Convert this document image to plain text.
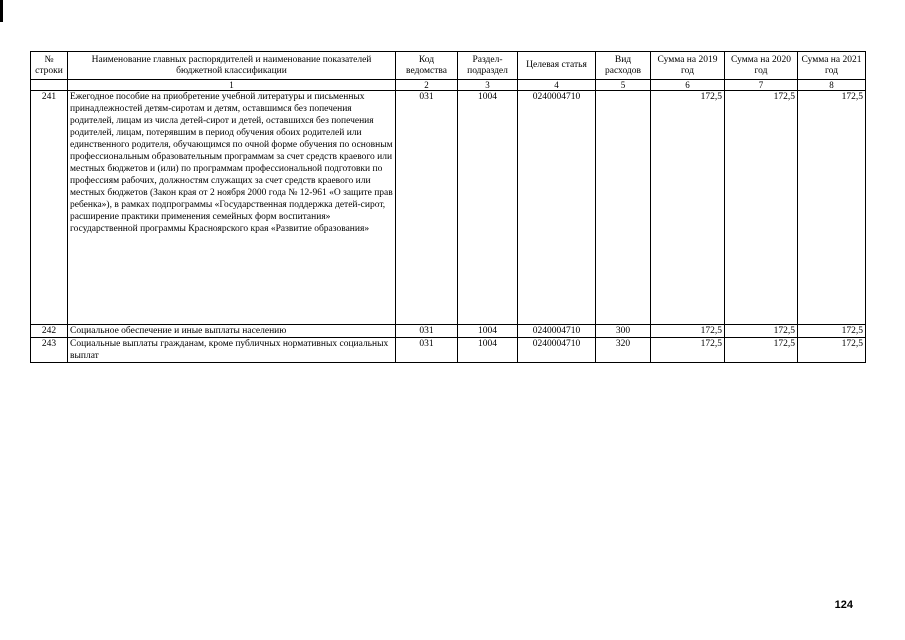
№ строки	Наименование главных распорядителей и наименование показателей бюджетной классификации	Код ведомства	Раздел-подраздел	Целевая статья	Вид расходов	Сумма на 2019 год	Сумма на 2020 год	Сумма на 2021 год
	1	2	3	4	5	6	7	8
241	Ежегодное пособие на приобретение учебной литературы и письменных принадлежностей детям-сиротам и детям, оставшимся без попечения родителей, лицам из числа детей-сирот и детей, оставшихся без попечения родителей, лицам, потерявшим в период обучения обоих родителей или единственного родителя, обучающимся по очной форме обучения по основным профессиональным образовательным программам за счет средств краевого или местных бюджетов и (или) по программам профессиональной подготовки по профессиям рабочих, должностям служащих за счет средств краевого или местных бюджетов (Закон края от 2 ноября 2000 года № 12-961 «О защите прав ребенка»), в рамках подпрограммы «Государственная поддержка детей-сирот, расширение практики применения семейных форм воспитания» государственной программы Красноярского края «Развитие образования»	031	1004	0240004710		172,5	172,5	172,5
242	Социальное обеспечение и иные выплаты населению	031	1004	0240004710	300	172,5	172,5	172,5
243	Социальные выплаты гражданам, кроме публичных нормативных социальных выплат	031	1004	0240004710	320	172,5	172,5	172,5
124
